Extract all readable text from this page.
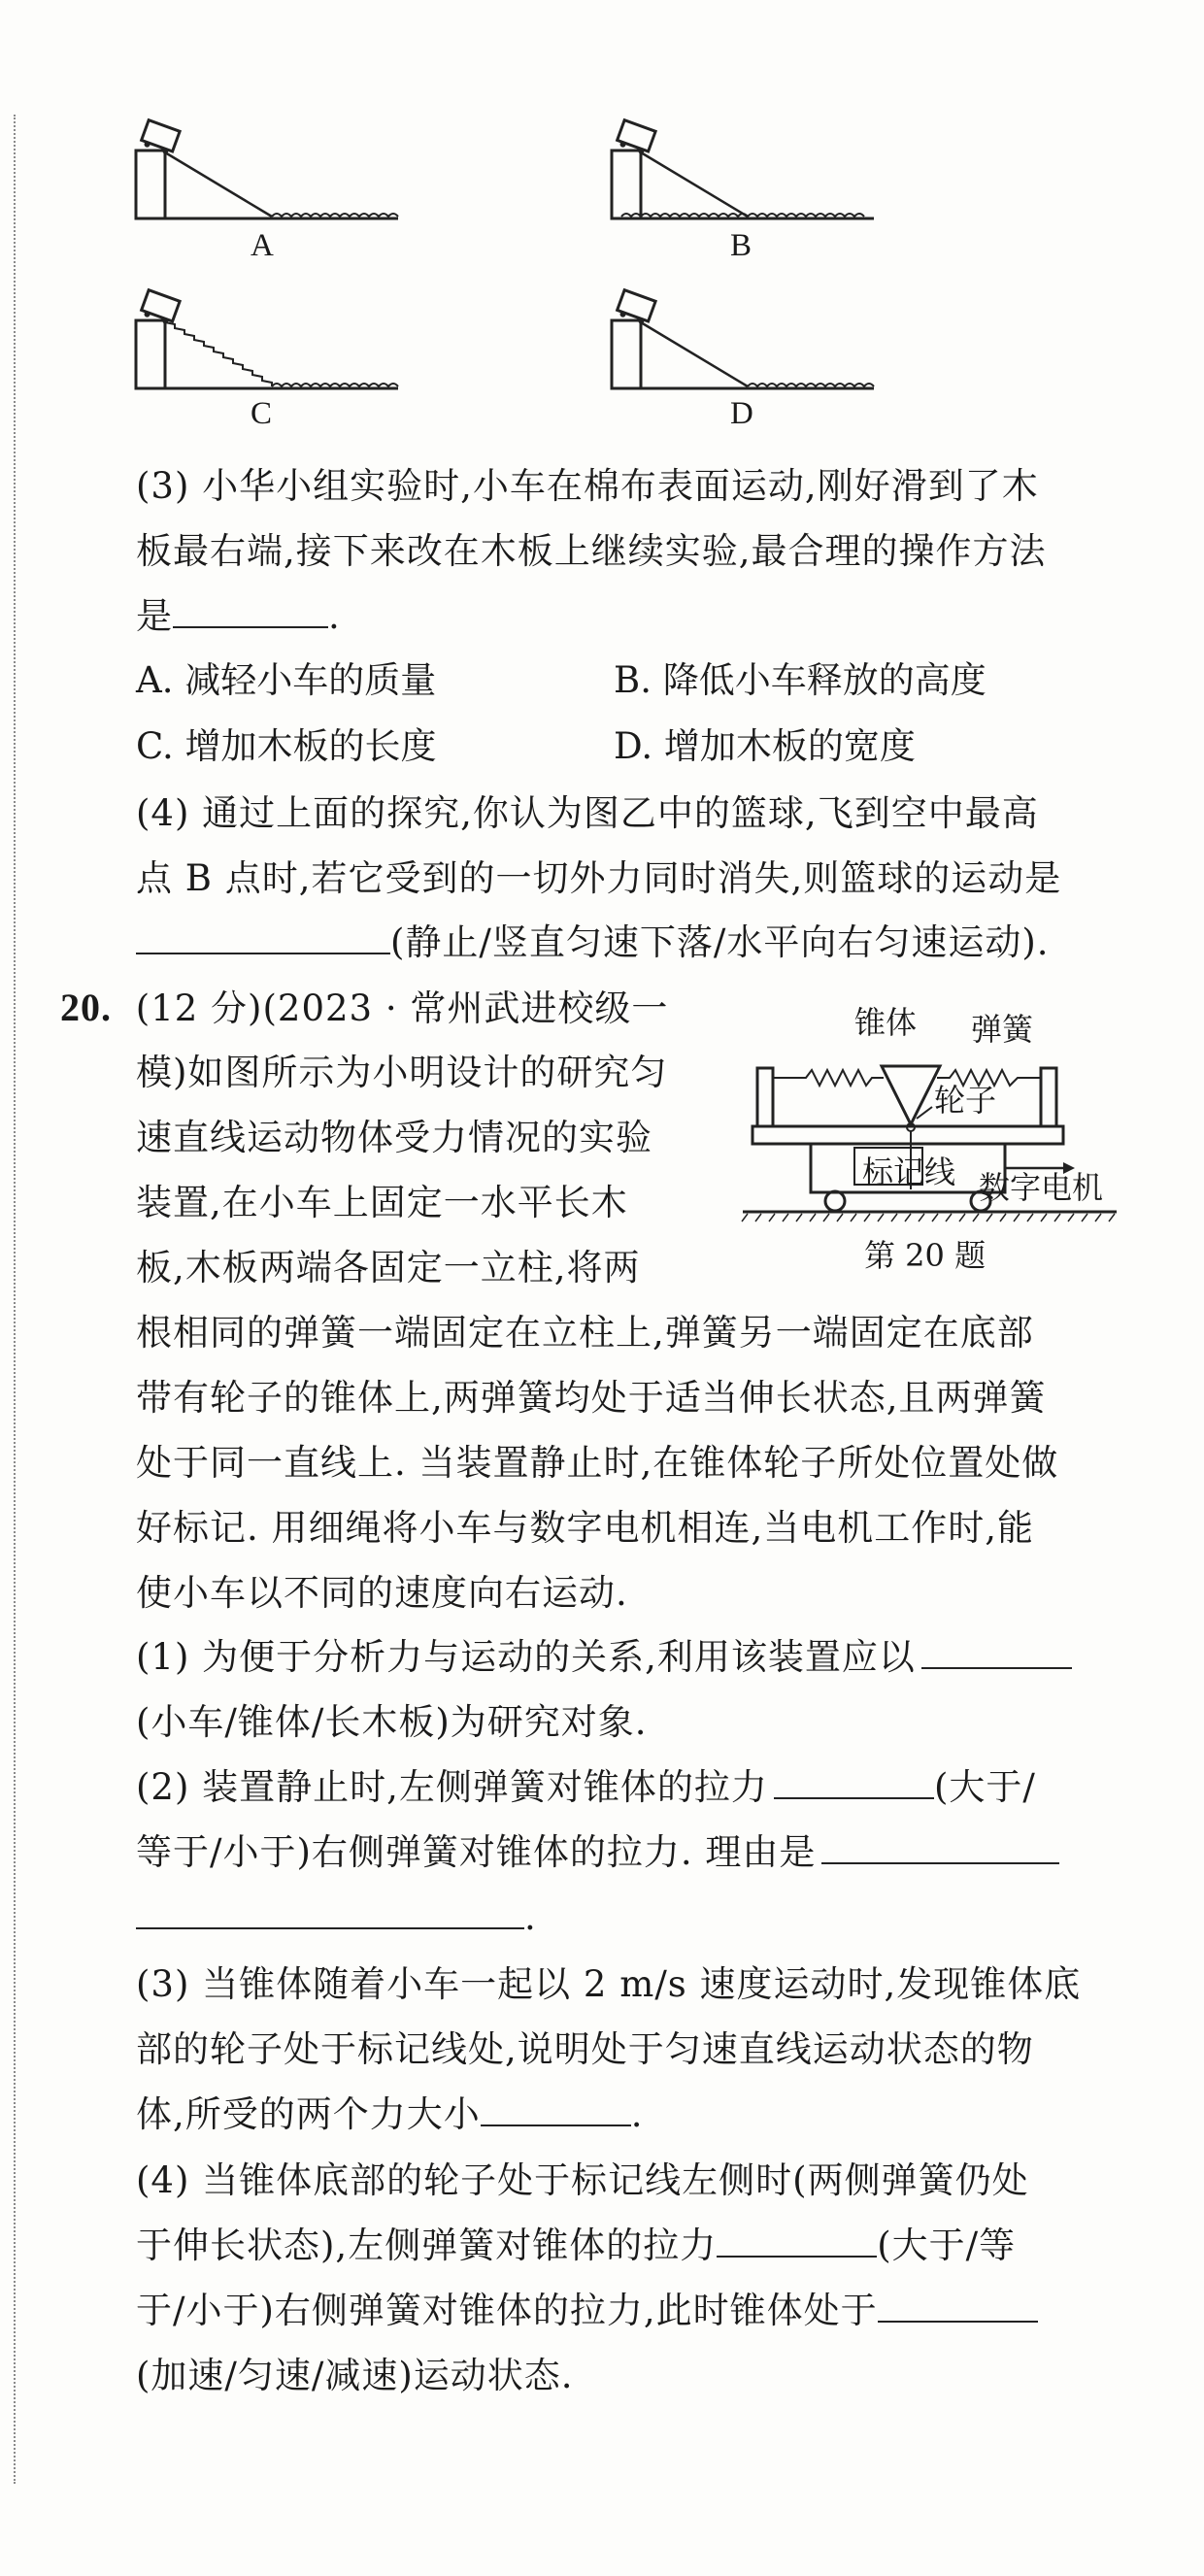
A	B
C	D
(3) 小华小组实验时,小车在棉布表面运动,刚好滑到了木
板最右端,接下来改在木板上继续实验,最合理的操作方法
是	.
A. 减轻小车的质量	B. 降低小车释放的高度
C. 增加木板的长度	D. 增加木板的宽度
(4) 通过上面的探究,你认为图乙中的篮球,飞到空中最高
点 B 点时,若它受到的一切外力同时消失,则篮球的运动是
(静止/竖直匀速下落/水平向右匀速运动).
20. (12 分)(2023 · 常州武进校级一
模)如图所示为小明设计的研究匀
速直线运动物体受力情况的实验
装置,在小车上固定一水平长木
板,木板两端各固定一立柱,将两
根相同的弹簧一端固定在立柱上,弹簧另一端固定在底部
带有轮子的锥体上,两弹簧均处于适当伸长状态,且两弹簧
处于同一直线上. 当装置静止时,在锥体轮子所处位置处做
好标记. 用细绳将小车与数字电机相连,当电机工作时,能
使小车以不同的速度向右运动.
锥体 弹簧
轮子
标记线 数字电机
第 20 题
(1) 为便于分析力与运动的关系,利用该装置应以
(小车/锥体/长木板)为研究对象.
(2) 装置静止时,左侧弹簧对锥体的拉力	(大于/
等于/小于)右侧弹簧对锥体的拉力. 理由是
.
(3) 当锥体随着小车一起以 2 m/s 速度运动时,发现锥体底
部的轮子处于标记线处,说明处于匀速直线运动状态的物
体,所受的两个力大小	.
(4) 当锥体底部的轮子处于标记线左侧时(两侧弹簧仍处
于伸长状态),左侧弹簧对锥体的拉力	(大于/等
于/小于)右侧弹簧对锥体的拉力,此时锥体处于
(加速/匀速/减速)运动状态.
